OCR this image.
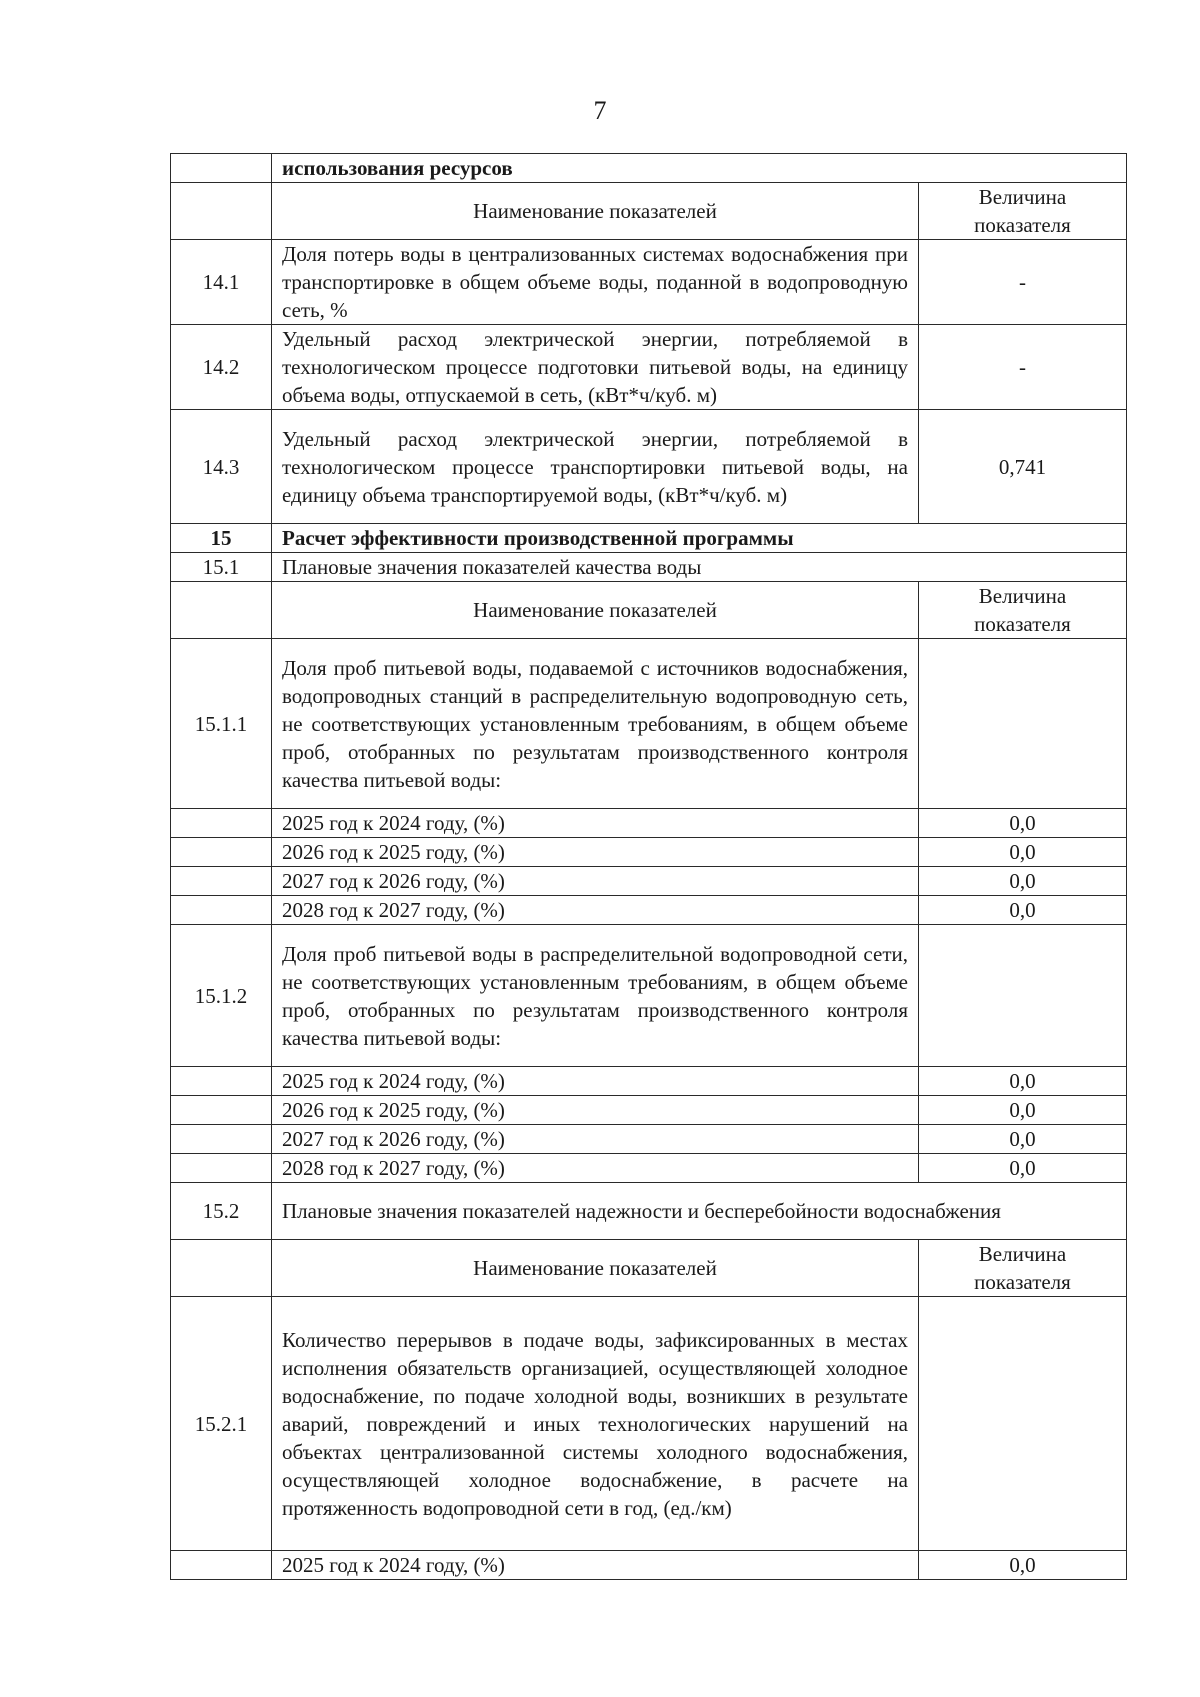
7
	использования ресурсов	
	Наименование показателей	Величина показателя
14.1	Доля потерь воды в централизованных системах водоснабжения при транспортировке в общем объеме воды, поданной в водопроводную сеть, %	-
14.2	Удельный расход электрической энергии, потребляемой в технологическом процессе подготовки питьевой воды, на единицу объема воды, отпускаемой в сеть, (кВт*ч/куб. м)	-
14.3	Удельный расход электрической энергии, потребляемой в технологическом процессе транспортировки питьевой воды, на единицу объема транспортируемой воды, (кВт*ч/куб. м)	0,741
15	Расчет эффективности производственной программы	
15.1	Плановые значения показателей качества воды	
	Наименование показателей	Величина показателя
15.1.1	Доля проб питьевой воды, подаваемой с источников водоснабжения, водопроводных станций в распределительную водопроводную сеть, не соответствующих установленным требованиям, в общем объеме проб, отобранных по результатам производственного контроля качества питьевой воды:	
	2025 год к 2024 году, (%)	0,0
	2026 год к 2025 году, (%)	0,0
	2027 год к 2026 году, (%)	0,0
	2028 год к 2027 году, (%)	0,0
15.1.2	Доля проб питьевой воды в распределительной водопроводной сети, не соответствующих установленным требованиям, в общем объеме проб, отобранных по результатам производственного контроля качества питьевой воды:	
	2025 год к 2024 году, (%)	0,0
	2026 год к 2025 году, (%)	0,0
	2027 год к 2026 году, (%)	0,0
	2028 год к 2027 году, (%)	0,0
15.2	Плановые значения показателей надежности и бесперебойности водоснабжения	
	Наименование показателей	Величина показателя
15.2.1	Количество перерывов в подаче воды, зафиксированных в местах исполнения обязательств организацией, осуществляющей холодное водоснабжение, по подаче холодной воды, возникших в результате аварий, повреждений и иных технологических нарушений на объектах централизованной системы холодного водоснабжения, осуществляющей холодное водоснабжение, в расчете на протяженность водопроводной сети в год, (ед./км)	
	2025 год к 2024 году, (%)	0,0
